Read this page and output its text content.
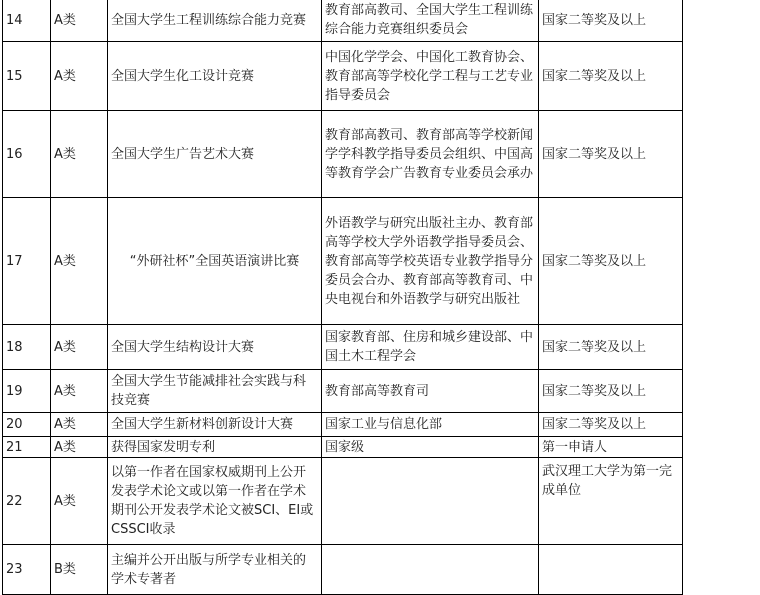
14	A类	全国大学生工程训练综合能力竞赛	教育部高教司、全国大学生工程训练综合能力竞赛组织委员会	国家二等奖及以上
15	A类	全国大学生化工设计竞赛	中国化学学会、中国化工教育协会、教育部高等学校化学工程与工艺专业指导委员会	国家二等奖及以上
16	A类	全国大学生广告艺术大赛	教育部高教司、教育部高等学校新闻学学科教学指导委员会组织、中国高等教育学会广告教育专业委员会承办	国家二等奖及以上
17	A类	“外研社杯”全国英语演讲比赛	外语教学与研究出版社主办、教育部高等学校大学外语教学指导委员会、教育部高等学校英语专业教学指导分委员会合办、教育部高等教育司、中央电视台和外语教学与研究出版社	国家二等奖及以上
18	A类	全国大学生结构设计大赛	国家教育部、住房和城乡建设部、中国土木工程学会	国家二等奖及以上
19	A类	全国大学生节能减排社会实践与科技竞赛	教育部高等教育司	国家二等奖及以上
20	A类	全国大学生新材料创新设计大赛	国家工业与信息化部	国家二等奖及以上
21	A类	获得国家发明专利	国家级	第一申请人
22	A类	以第一作者在国家权威期刊上公开发表学术论文或以第一作者在学术期刊公开发表学术论文被SCI、EI或CSSCI收录		武汉理工大学为第一完成单位
23	B类	主编并公开出版与所学专业相关的学术专著者		
